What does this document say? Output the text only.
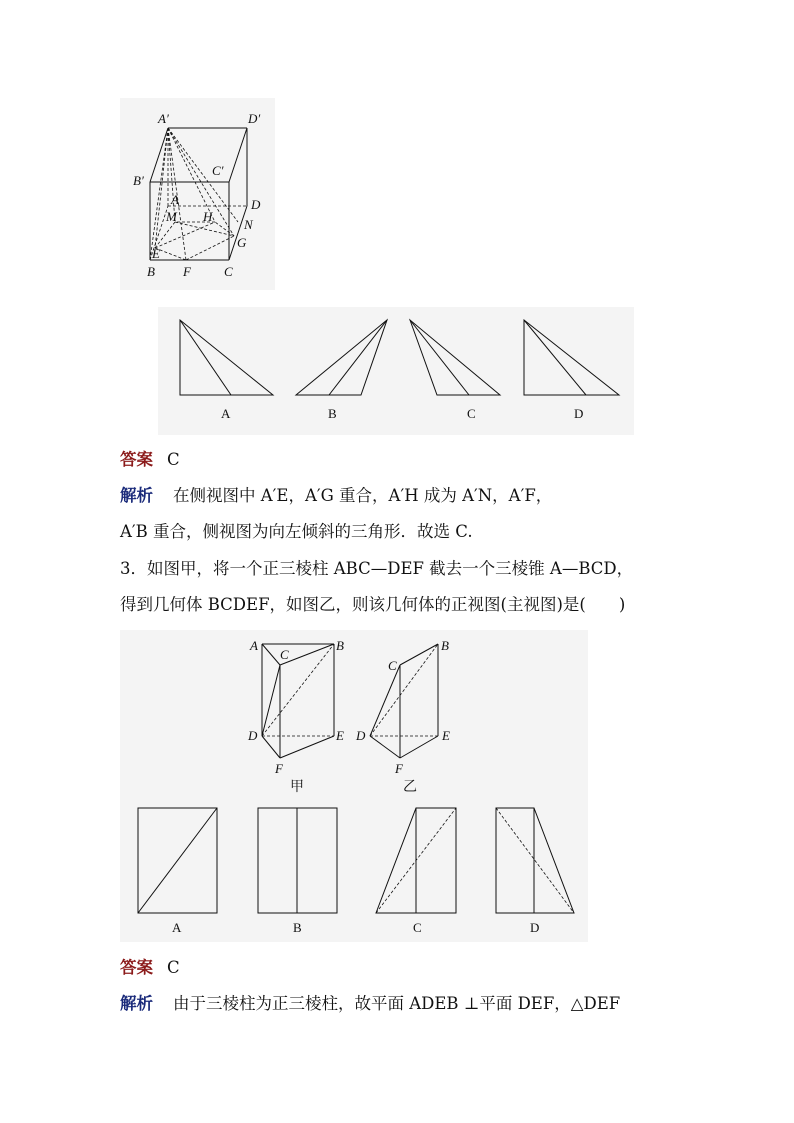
A′	D′
C′
B′
A	D
M H
N
E
G
B F	C
A	B	C	D
答案 C
解析 在侧视图中 A′E，A′G 重合，A′H 成为 A′N，A′F，
A′B 重合，侧视图为向左倾斜的三角形．故选 C.
3．如图甲，将一个正三棱柱 ABC—DEF 截去一个三棱锥 A—BCD，
得到几何体 BCDEF，如图乙，则该几何体的正视图(主视图)是(　　)
A
C
B
D	E
F
甲
C
B
D	E
F
乙
A	B	C	D
答案 C
解析 由于三棱柱为正三棱柱，故平面 ADEB ⊥平面 DEF，△DEF
